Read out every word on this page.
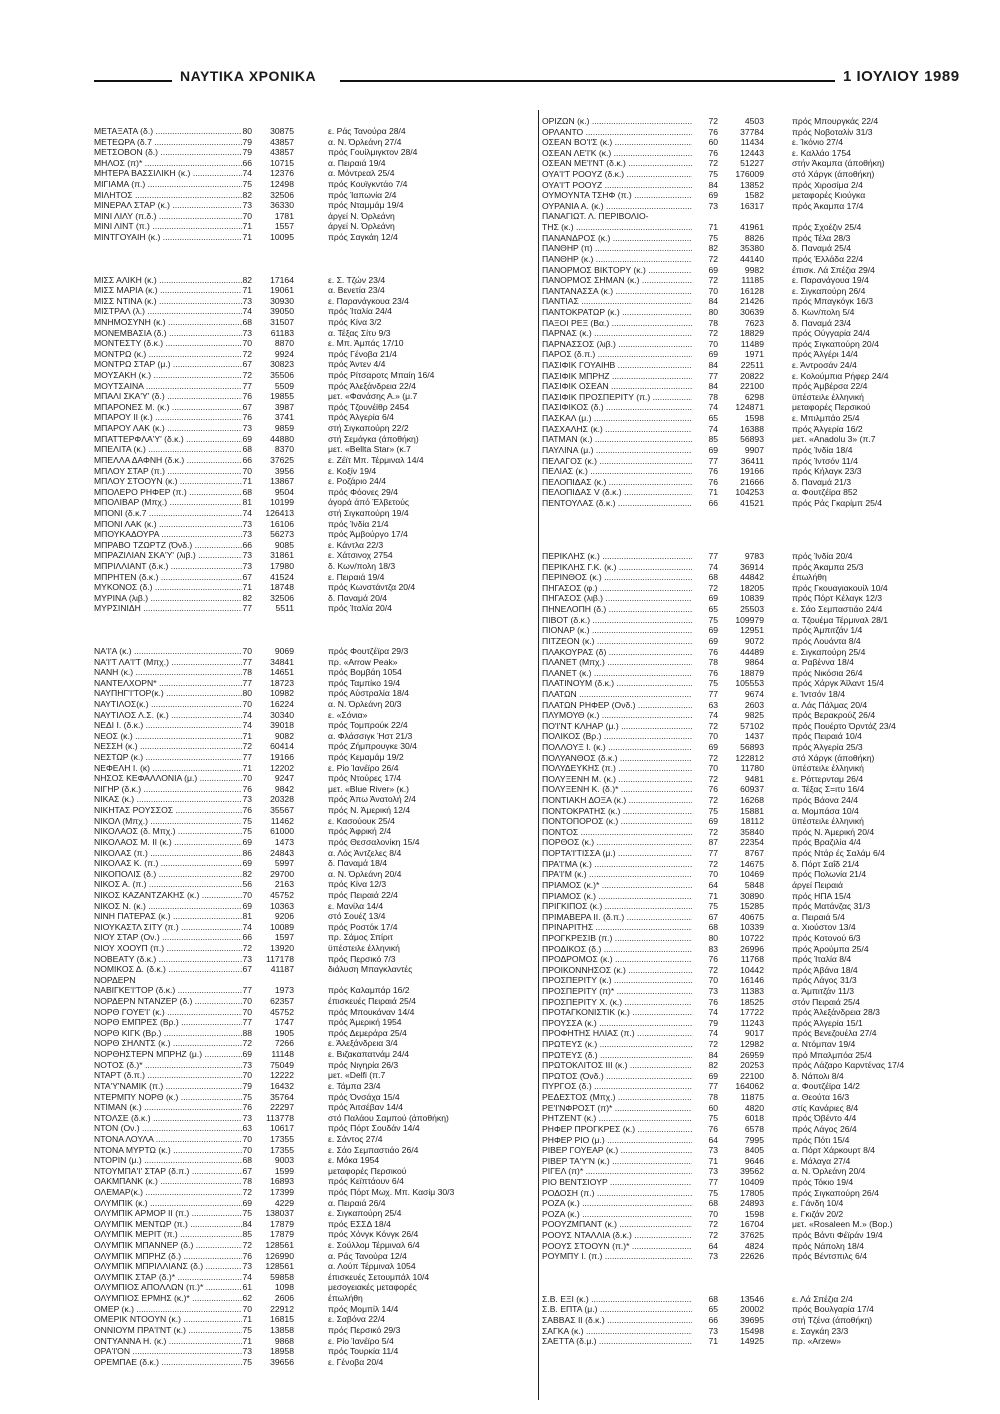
ΝΑΥΤΙΚΑ ΧΡΟΝΙΚΑ	1 ΙΟΥΛΙΟΥ 1989
ΜΕΤΑΞΑΤΑ (δ.) .....	80	30875	ε. Ράς Τανούρα 28/4
ΜΕΤΕΩΡΑ (δ.7 .....	79	43857	α. Ν. Όρλεάνη 27/4
ΜΕΤΣΟΒΟΝ (δ.) .....	79	43857	πρός Γουίλμιγκτον 28/4
ΜΗΛΟΣ (π)* .....	66	10715	α. Πειραιά 19/4
ΜΗΤΕΡΑ ΒΑΣΣΙΛΙΚΗ (κ.) .....	74	12376	α. Μόντρεαλ 25/4
ΜΙΓΙΑΜΑ (π.) .....	75	12498	πρός Κουϊγκντάο 7/4
ΜΙΛΗΤΟΣ .....	82	32506	πρός Ίαπωνία 2/4
ΜΙΝΕΡΑΛ ΣΤΑΡ (κ.) .....	73	36330	πρός Νταμμάμ 19/4
ΜΙΝΙ ΛΙΛΥ (π.δ.) .....	70	1781	άργεί Ν. Όρλεάνη
ΜΙΝΙ ΛΙΝΤ (π.) .....	71	1557	άργεί Ν. Όρλεάνη
ΜΙΝΤΓΟΥΑΙΗ (κ.) .....	71	10095	πρός Σαγκάη 12/4
ΜΙΣΣ ΑΛΙΚΗ (κ.) .....	82	17164	ε. Σ. Τζών 23/4
ΜΙΣΣ ΜΑΡΙΑ (κ.) .....	71	19061	α. Βενετία 23/4
ΜΙΣΣ ΝΤΙΝΑ (κ.) .....	73	30930	ε. Παρανάγκουα 23/4
ΜΙΣΤΡΑΛ (λ.) .....	74	39050	πρός Ίταλία 24/4
ΜΝΗΜΟΣΥΝΗ (κ.) .....	68	31507	πρός Κίνα 3/2
ΜΟΝΕΜΒΑΣΙΑ (δ.) .....	73	61183	α. Τέξας Σίτυ 9/3
ΜΟΝΤΕΣΤΥ (δ.κ.) .....	70	8870	ε. Μπ. Άμπάς 17/10
ΜΟΝΤΡΩ (κ.) .....	72	9924	πρός Γένοβα 21/4
ΜΟΝΤΡΩ ΣΤΑΡ (μ.) .....	67	30823	πρός Άντεν 4/4
ΜΟΥΣΑΚΗ (κ.) .....	72	35506	πρός Ρίτσαροτς Μπαίη 16/4
ΜΟΥΤΣΑΙΝΑ .....	77	5509	πρός Άλεξάνδρεια 22/4
ΜΠΑΛΙ ΣΚΑ'Υ' (δ.) .....	76	19855	μετ. «Φανάσης Α.» (μ.7
ΜΠΑΡΟΝΕΣ Μ. (κ.) .....	67	3987	πρός Τζουνέϊθρ 2454
ΜΠΑΡΟΥ ΙΙ (κ.) .....	76	3741	πρός Άλγερία 6/4
ΜΠΑΡΟΥ ΛΑΚ (κ.) .....	73	9859	στή Σιγκαπούρη 22/2
ΜΠΑΤΤΕΡΦΛΑ'Υ' (δ.κ.) .....	69	44880	στή Σεμάγκα (άποθήκη)
ΜΠΕΛΙΤΑ (κ.) .....	68	8370	μετ. «Bellta Star» (κ.7
ΜΠΕΛΛΑ ΔΑΦΝΗ (δ.κ.) .....	66	37625	ε. Ζέϊτ Μπ. Τέρμιναλ 14/4
ΜΠΛΟΥ ΣΤΑΡ (π.) .....	70	3956	ε. Κοξίν 19/4
ΜΠΛΟΥ ΣΤΟΟΥΝ (κ.) .....	71	13867	ε. Ροζάριο 24/4
ΜΠΟΛΕΡΟ ΡΗΦΕΡ (π.) .....	68	9504	πρός Φόονες 29/4
ΜΠΟΛΙΒΑΡ (Μπχ.) .....	81	10199	άγορά άπό Έλβετούς
ΜΠΟΝΙ (δ.κ.7 .....	74	126413	στή Σιγκαπούρη 19/4
ΜΠΟΝΙ ΛΑΚ (κ.) .....	73	16106	πρός Ίνδία 21/4
ΜΠΟΥΚΑΔΟΥΡΑ .....	73	56273	πρός Άμβούργο 17/4
ΜΠΡΑΒΟ ΤΖΩΡΤΖ (Όνδ.) .....	66	9085	ε. Κάντλα 22/3
ΜΠΡΑΖΙΛΙΑΝ ΣΚΑ'Υ' (λιβ.) .....	73	31861	ε. Χάτσινοχ 2754
ΜΠΡΙΛΛΙΑΝΤ (δ.κ.) .....	73	17980	δ. Κων/πολη 18/3
ΜΠΡΗΤΕΝ (δ.κ.) .....	67	41524	ε. Πειραιά 19/4
ΜΥΚΟΝΟΣ (δ.) .....	71	18748	πρός Κωνστάντζα 20/4
ΜΥΡΙΝΑ (λιβ.) .....	82	32506	δ. Παναμά 20/4
ΜΥΡΣΙΝΙΔΗ .....	77	5511	πρός Ίταλία 20/4
ΝΑ'Ι'Α (κ.) .....	70	9069	πρός Φουτζέϊρα 29/3
ΝΑ'Ι'Τ ΛΑ'Ι'Τ (Μπχ.) .....	77	34841	πρ. «Arrow Peak»
ΝΑΝΗ (κ.) .....	78	14651	πρός Βομβάη 1054
ΝΑΝΤΕΛΧΟΡΝ* .....	77	18723	πρός Ταμπίκο 19/4
ΝΑΥΠΗΓ'Ι'ΤΟΡ(κ.) .....	80	10982	πρός Αύστραλία 18/4
ΝΑΥΤΙΛΟΣ(κ.) .....	70	16224	α. Ν. Όρλεάνη 20/3
ΝΑΥΤΙΛΟΣ Λ.Σ. (κ.) .....	74	30340	ε. «Σόνια»
ΝΕΔΙ Ι. (δ.κ.) .....	74	39018	πρός Τομπρούκ 22/4
ΝΕΟΣ (κ.) .....	71	9082	α. Φλάσσιγκ Ήστ 21/3
ΝΕΣΣΗ (κ.) .....	72	60414	πρός Ζήμπρουγκε 30/4
ΝΕΣΤΩΡ (κ.) .....	77	19166	πρός Κεμαμάμ 19/2
ΝΕΦΕΛΗ Ι. (κ) .....	71	12202	ε. Ρίο Ίανέϊρο 26/4
ΝΗΣΟΣ ΚΕΦΑΛΛΟΝΙΑ (μ.) .....	70	9247	πρός Ντούρες 17/4
ΝΙΓΗΡ (δ.κ.) .....	76	9842	μετ. «Blue River» (κ.)
ΝΙΚΑΣ (κ.) .....	73	20328	πρός Άπω Άνατολή 2/4
ΝΙΚΗΤΑΣ ΡΟΥΣΣΟΣ .....	76	35567	πρός Ν. Άμερική 12/4
ΝΙΚΟΛ (Μπχ.) .....	75	11462	ε. Κασούουκ 25/4
ΝΙΚΟΛΑΟΣ (δ. Μπχ.) .....	75	61000	πρός Άφρική 2/4
ΝΙΚΟΛΑΟΣ Μ. ΙΙ (κ.) .....	69	1473	πρός Θεσσαλονίκη 15/4
ΝΙΚΟΛΑΣ (π.) .....	86	24843	α. Λός Άντζελες 8/4
ΝΙΚΟΛΑΣ Κ. (π.) .....	69	5997	δ. Παναμά 18/4
ΝΙΚΟΠΟΛΙΣ (δ.) .....	82	29700	α. Ν. Όρλεάνη 20/4
ΝΙΚΟΣ Α. (π.) .....	56	2163	πρός Κίνα 12/3
ΝΙΚΟΣ ΚΑΖΑΝΤΖΑΚΗΣ (κ.) .....	70	45752	πρός Πειραιά 22/4
ΝΙΚΟΣ Ν. (κ.) .....	69	10363	ε. Μανίλα 14/4
ΝΙΝΗ ΠΑΤΕΡΑΣ (κ.) .....	81	9206	στό Σουέζ 13/4
ΝΙΟΥΚΑΣΤΛ ΣΙΤΥ (π.) .....	74	10089	πρός Ροστόκ 17/4
ΝΙΟΥ ΣΤΑΡ (Ον.) .....	66	1597	πρ. Σάμος Σπίριτ
ΝΙΟΥ ΧΟΟΥΠ (π.) .....	72	13920	ϋπέστειλε έλληνική
ΝΟΒΕΑΤΥ (δ.κ.) .....	73	117178	πρός Περσικό 7/3
ΝΟΜΙΚΟΣ Δ. (δ.κ.) .....	67	41187	διάλυση Μπαγκλαντές
ΝΟΡΔΕΡΝ
ΝΑΒΙΓΚΕ'Ι'ΤΟΡ (δ.κ.) .....	77	1973	πρός Καλαμπάρ 16/2
ΝΟΡΔΕΡΝ ΝΤΑΝΖΕΡ (δ.) .....	70	62357	έπισκευές Πειραιά 25/4
ΝΟΡΘ ΓΟΥΕ'Ι' (κ.) .....	70	45752	πρός Μπουκάναν 14/4
ΝΟΡΘ ΕΜΠΡΕΣ (Βρ.) .....	77	1747	πρός Άμερική 1954
ΝΟΡΘ ΚΙΓΚ (Βρ.) .....	88	1905	πρός Δεμεράρα 25/4
ΝΟΡΘ ΣΗΛΝΤΣ (κ.) .....	72	7266	ε. Άλεξάνδρεια 3/4
ΝΟΡΘΗΣΤΕΡΝ ΜΠΡΗΖ (μ.) .....	69	11148	ε. Βιζακαπατνάμ 24/4
ΝΟΤΟΣ (δ.)* .....	73	75049	πρός Νιγηρία 26/3
ΝΤΑΡΤ (δ.π.) .....	70	12222	μετ. «Delfi (π.7
ΝΤΑ'Υ'ΝΑΜΙΚ (π.) .....	79	16432	ε. Τάμπα 23/4
ΝΤΕΡΜΠΥ ΝΟΡΘ (κ.) .....	75	35764	πρός Όνσάχα 15/4
ΝΤΙΜΑΝ (κ.) .....	76	22297	πρός Άιτσέβαν 14/4
ΝΤΟΛΣΕ (δ.κ.) .....	73	113778	στό Παλάου Σαμπού (άποθήκη)
ΝΤΟΝ (Ον.) .....	63	10617	πρός Πόρτ Σουδάν 14/4
ΝΤΟΝΑ ΛΟΥΛΑ .....	70	17355	ε. Σάντος 27/4
ΝΤΟΝΑ ΜΥΡΤΩ (κ.) .....	70	17355	ε. Σάο Σεμπαστιάο 26/4
ΝΤΟΡΙΝ (μ.) .....	68	9003	ε. Μόκα 1954
ΝΤΟΥΜΠΑ'Ι' ΣΤΑΡ (δ.π.) .....	67	1599	μεταφορές Περσικού
ΟΑΚΜΠΑΝΚ (κ.) .....	78	16893	πρός Κεϊπτάουν 6/4
ΟΛΕΜΑΡ(κ.) .....	72	17399	πρός Πόρτ Μωχ. Μπ. Κασίμ 30/3
ΟΛΥΜΠΙΚ (κ.) .....	69	4229	α. Πειραιά 26/4
ΟΛΥΜΠΙΚ ΑΡΜΟΡ ΙΙ (π.) .....	75	138037	ε. Σιγκαπούρη 25/4
ΟΛΥΜΠΙΚ ΜΕΝΤΩΡ (π.) .....	84	17879	πρός ΕΣΣΔ 18/4
ΟΛΥΜΠΙΚ ΜΕΡΙΤ (π.) .....	85	17879	πρός Χόνγκ Κόνγκ 26/4
ΟΛΥΜΠΙΚ ΜΠΑΝΝΕΡ (δ.) .....	72	128561	ε. Σούλλομ Τέρμιναλ 6/4
ΟΛΥΜΠΙΚ ΜΠΡΗΖ (δ.) .....	76	126990	α. Ράς Τανούρα 12/4
ΟΛΥΜΠΙΚ ΜΠΡΙΛΛΙΑΝΣ (δ.) .....	73	128561	α. Λούπ Τέρμιναλ 1054
ΟΛΥΜΠΙΚ ΣΤΑΡ (δ.)* .....	74	59858	έπισκευές Σετουμπάλ 10/4
ΟΛΥΜΠΙΟΣ ΑΠΟΛΛΩΝ (π.)* .....	61	1098	μεσογειακές μεταφορές
ΟΛΥΜΠΙΟΣ ΕΡΜΗΣ (κ.)* .....	62	2606	έπωλήθη
ΟΜΕΡ (κ.) .....	70	22912	πρός Μομπίλ 14/4
ΟΜΕΡΙΚ ΝΤΟΟΥΝ (κ.) .....	71	16815	ε. Σαβόνα 22/4
ΟΝΝΙΟΥΜ ΠΡΑ'Ι'ΝΤ (κ.) .....	75	13858	πρός Περσικό 29/3
ΟΝΤΥΑΝΝΑ Η. (κ.) .....	71	9868	ε. Ρίο Ίανέϊρο 5/4
ΟΡΑ'Ι'ΟΝ .....	73	18958	πρός Τουρκία 11/4
ΟΡΕΜΠΑΕ (δ.κ.) .....	75	39656	ε. Γένοβα 20/4
ΟΡΙΖΩΝ (κ.) .....	72	4503	πρός Μπουργκάς 22/4
ΟΡΛΑΝΤΟ .....	76	37784	πρός Νοβοταλίν 31/3
ΟΣΕΑΝ ΒΟ'Ι'Σ (κ.) .....	60	11434	ε. Ίκόνιο 27/4
ΟΣΕΑΝ ΛΕ'Ι'Κ (κ.) .....	76	12443	ε. Καλλάο 1754
ΟΣΕΑΝ ΜΕ'Ι'ΝΤ (δ.κ.) .....	72	51227	στήν Άκαμπα (άποθήκη)
ΟΥΑ'Ι'Τ ΡΟΟΥΖ (δ.κ.) .....	75	176009	στό Χάργκ (άποθήκη)
ΟΥΑ'Ι'Τ ΡΟΟΥΖ .....	84	13852	πρός Χιροσίμα 2/4
ΟΥΜΟΥΝΤΑ ΤΣΗΦ (π.) .....	69	1582	μεταφορές Κιούγκα
ΟΥΡΑΝΙΑ Α. (κ.) .....	73	16317	πρός Άκαμπα 17/4
ΠΑΝΑΓΙΩΤ. Λ. ΠΕΡΙΒΟΛΙΟ-
ΤΗΣ (κ.) .....	71	41961	πρός Σχοέζιν 25/4
ΠΑΝΑΝΔΡΟΣ (κ.) .....	75	8826	πρός Τέλα 28/3
ΠΑΝΘΗΡ (π) .....	82	35380	δ. Παναμά 25/4
ΠΑΝΘΗΡ (κ.) .....	72	44140	πρός Έλλάδα 22/4
ΠΑΝΟΡΜΟΣ ΒΙΚΤΟΡΥ (κ.) .....	69	9982	έπισκ. Λά Σπέζια 29/4
ΠΑΝΟΡΜΟΣ ΣΗΜΑΝ (κ.) .....	72	11185	ε. Παρανάγουα 19/4
ΠΑΝΤΑΝΑΣΣΑ (κ.) .....	70	16128	ε. Σιγκαπούρη 26/4
ΠΑΝΤΙΑΣ .....	84	21426	πρός Μπαγκόγκ 16/3
ΠΑΝΤΟΚΡΑΤΩΡ (κ.) .....	80	30639	δ. Κων/πολη 5/4
ΠΑΞΟΙ ΡΕΞ (Βα.) .....	78	7623	δ. Παναμά 23/4
ΠΑΡΝΑΣ (κ.) .....	72	18829	πρός Ούγγαρία 24/4
ΠΑΡΝΑΣΣΟΣ (λιβ.) .....	70	11489	πρός Σιγκαπούρη 20/4
ΠΑΡΟΣ (δ.π.) .....	69	1971	πρός Άλγέρι 14/4
ΠΑΣΙΦΙΚ ΓΟΥΑΙΗΒ .....	84	22511	ε. Άντροσάν 24/4
ΠΑΣΙΦΙΚ ΜΠΡΗΖ .....	77	20822	ε. Κολούμπια Ρήφερ 24/4
ΠΑΣΙΦΙΚ ΟΣΕΑΝ .....	84	22100	πρός Άμβέρσα 22/4
ΠΑΣΙΦΙΚ ΠΡΟΣΠΕΡΙΤΥ (π.) .....	78	6298	ϋπέστειλε έλληνική
ΠΑΣΙΦΙΚΟΣ (δ.) .....	74	124871	μεταφορές Περσικού
ΠΑΣΚΑΛ (μ.) .....	65	1598	ε. Μπιλμπάο 25/4
ΠΑΣΧΑΛΗΣ (κ.) .....	74	16388	πρός Άλγερία 16/2
ΠΑΤΜΑΝ (κ.) .....	85	56893	μετ. «Anadolu 3» (π.7
ΠΑΥΛΙΝΑ (μ.) .....	69	9907	πρός Ίνδία 18/4
ΠΕΛΑΓΟΣ (κ.) .....	77	36411	πρός Ίντσόν 11/4
ΠΕΛΙΑΣ (κ.) .....	76	19166	πρός Κήλαγκ 23/3
ΠΕΛΟΠΙΔΑΣ (κ.) .....	76	21666	δ. Παναμά 21/3
ΠΕΛΟΠΙΔΑΣ V (δ.κ.) .....	71	104253	α. Φουτζέϊρα 852
ΠΕΝΤΟΥΛΑΣ (δ.κ.) .....	66	41521	πρός Ράς Γκαρίμπ 25/4
ΠΕΡΙΚΛΗΣ (κ.) .....	77	9783	πρός Ίνδία 20/4
ΠΕΡΙΚΛΗΣ Γ.Κ. (κ.) .....	74	36914	πρός Άκαμπα 25/3
ΠΕΡΙΝΘΟΣ (κ.) .....	68	44842	έπωλήθη
ΠΗΓΑΣΟΣ (φ.) .....	72	18205	πρός Γκουαγιακουίλ 10/4
ΠΗΓΑΣΟΣ (λιβ.) .....	69	10839	πρός Πόρτ Κέλαγκ 12/3
ΠΗΝΕΛΟΠΗ (δ.) .....	65	25503	ε. Σάο Σεμπαστιάο 24/4
ΠΙΒΟΤ (δ.κ.) .....	75	109979	α. Τζουέμα Τέρμιναλ 28/1
ΠΙΟΝΑΡ (κ.) .....	69	12951	πρός Άμπιτζάν 1/4
ΠΙΤΖΕΟΝ (κ.) .....	69	9072	πρός Λουάντα 8/4
ΠΛΑΚΟΥΡΑΣ (δ) .....	76	44489	ε. Σιγκαπούρη 25/4
ΠΛΑΝΕΤ (Μπχ.) .....	78	9864	α. Ραβέννα 18/4
ΠΛΑΝΕΤ (κ.) .....	76	18879	πρός Νικόσια 26/4
ΠΛΑΤΙΝΟΥΜ (δ.κ.) .....	75	105553	πρός Χάργκ Άϊλαντ 15/4
ΠΛΑΤΩΝ .....	77	9674	ε. Ίντσόν 18/4
ΠΛΑΤΩΝ ΡΗΦΕΡ (Ονδ.) .....	63	2603	α. Λάς Πάλμας 20/4
ΠΛΥΜΟΥΘ (κ.) .....	74	9825	πρός Βερακρούζ 26/4
ΠΟ'Ι'ΝΤ ΚΛΗΑΡ (μ.) .....	72	57102	πρός Πουέρτο Όρντάζ 23/4
ΠΟΛΙΚΟΣ (Βρ.) .....	70	1437	πρός Πειραιά 10/4
ΠΟΛΛΟΥΞ Ι. (κ.) .....	69	56893	πρός Άλγερία 25/3
ΠΟΛΥΑΝΘΟΣ (δ.κ.) .....	72	122812	στό Χάργκ (άποθήκη)
ΠΟΛΥΔΕΥΚΗΣ (π.) .....	70	11780	ϋπέστειλε έλληνική
ΠΟΛΥΞΕΝΗ Μ. (κ.) .....	72	9481	ε. Ρόττερνταμ 26/4
ΠΟΛΥΞΕΝΗ Κ. (δ.)* .....	76	60937	α. Τέξας Σ=ιτυ 16/4
ΠΟΝΤΙΑΚΗ ΔΟΞΑ (κ.) .....	72	16268	πρός Βάονα 24/4
ΠΟΝΤΟΚΡΑΤΗΣ (κ.) .....	75	15881	α. Μομπάσα 10/4
ΠΟΝΤΟΠΟΡΟΣ (κ.) .....	69	18112	ϋπέστειλε έλληνική
ΠΟΝΤΟΣ .....	72	35840	πρός Ν. Άμερική 20/4
ΠΟΡΘΟΣ (κ.) .....	87	22354	πρός Βραζιλία 4/4
ΠΟΡΤΑ'Ι'ΤΙΣΣΑ (μ.) .....	77	8767	πρός Ντάρ ές Σαλάμ 6/4
ΠΡΑ'Ι'ΜΑ (κ.) .....	72	14675	δ. Πόρτ Σαΐδ 21/4
ΠΡΑ'Ι'Μ (κ.) .....	70	10469	πρός Πολωνία 21/4
ΠΡΙΑΜΟΣ (κ.)* .....	64	5848	άργεί Πειραιά
ΠΡΙΑΜΟΣ (κ.) .....	71	30890	πρός ΗΠΑ 15/4
ΠΡΙΓΚΙΠΟΣ (κ.) .....	75	15285	πρός Ματάνζας 31/3
ΠΡΙΜΑΒΕΡΑ ΙΙ. (δ.π.) .....	67	40675	α. Πειραιά 5/4
ΠΡΙΝΑΡΙΤΗΣ .....	68	10339	α. Χιούστον 13/4
ΠΡΟΓΚΡΕΣΙΒ (π.) .....	80	10722	πρός Κοτονού 6/3
ΠΡΟΔΙΚΟΣ (δ.) .....	83	26996	πρός Άρούμπα 25/4
ΠΡΟΔΡΟΜΟΣ (κ.) .....	76	11768	πρός Ίταλία 8/4
ΠΡΟΙΚΟΝΝΗΣΟΣ (κ.) .....	72	10442	πρός Άβάνα 18/4
ΠΡΟΣΠΕΡΙΤΥ (κ.) .....	70	16146	πρός Λάγος 31/3
ΠΡΟΣΠΕΡΙΤΥ (π)* .....	73	11383	α. Άμπιτζάν 11/3
ΠΡΟΣΠΕΡΙΤΥ Χ. (κ.) .....	76	18525	στόν Πειραιά 25/4
ΠΡΟΤΑΓΚΟΝΙΣΤΙΚ (κ.) .....	74	17722	πρός Άλεξάνδρεια 28/3
ΠΡΟΥΣΣΑ (κ.) .....	79	11243	πρός Άλγερία 15/1
ΠΡΟΦΗΤΗΣ ΗΛΙΑΣ (π.) .....	74	9017	πρός Βενεζουέλα 27/4
ΠΡΩΤΕΥΣ (κ.) .....	72	12982	α. Ντόμπαν 19/4
ΠΡΩΤΕΥΣ (δ.) .....	84	26959	πρό Μπαλμπόα 25/4
ΠΡΩΤΟΚΛΙΤΟΣ ΙΙΙ (κ.) .....	82	20253	πρός Λάζαρο Καρντένας 17/4
ΠΡΩΤΟΣ (Όνδ.) .....	69	22100	δ. Νάπολι 8/4
ΠΥΡΓΟΣ (δ.) .....	77	164062	α. Φουτζέϊρα 14/2
ΡΕΔΕΣΤΟΣ (Μπχ.) .....	78	11875	α. Θεούτα 16/3
ΡΕ'Ι'ΝΦΡΟΣΤ (π)* .....	60	4820	στίς Κανάριες 8/4
ΡΗΤΖΕΝΤ (κ.) .....	75	6018	πρός Όβέντο 4/4
ΡΗΦΕΡ ΠΡΟΓΚΡΕΣ (κ.) .....	76	6578	πρός Λάγος 26/4
ΡΗΦΕΡ ΡΙΟ (μ.) .....	64	7995	πρός Πότι 15/4
ΡΙΒΕΡ ΓΟΥΕΑΡ (κ.) .....	73	8405	α. Πόρτ Χάρκουρτ 8/4
ΡΙΒΕΡ ΤΑ'Υ'Ν (κ.) .....	71	9646	ε. Μάλαγα 27/4
ΡΙΓΕΛ (π)* .....	73	39562	α. Ν. Όρλεάνη 20/4
ΡΙΟ ΒΕΝΤΣΙΟΥΡ .....	77	10409	πρός Τόκιο 19/4
ΡΟΔΟΣΗ (π.) .....	75	17805	πρός Σιγκαπούρη 26/4
ΡΟΖΑ (κ.) .....	68	24893	ε. Γάνδη 10/4
ΡΟΖΑ (κ.) .....	70	1598	ε. Γκιζάν 20/2
ΡΟΟΥΖΜΠΑΝΤ (κ.) .....	72	16704	μετ. «Rosaleen M.» (Βορ.)
ΡΟΟΥΣ ΝΤΑΛΛΙΑ (δ.κ.) .....	72	37625	πρός Βάντι Φέϊράν 19/4
ΡΟΟΥΣ ΣΤΟΟΥΝ (π.)* .....	64	4824	πρός Νάπολη 18/4
ΡΟΥΜΠΥ Ι. (π.) .....	73	22626	πρός Βέντσπιλς 6/4
Σ.Β. ΕΞΙ (κ.) .....	68	13546	ε. Λά Σπέζια 2/4
Σ.Β. ΕΠΤΑ (μ.) .....	65	20002	πρός Βουλγαρία 17/4
ΣΑΒΒΑΣ ΙΙ (δ.κ.) .....	66	39695	στή Τζένα (άποθήκη)
ΣΑΓΚΑ (κ.) .....	73	15498	ε. Σαγκάη 23/3
ΣΑΕΤΤΑ (δ.μ.) .....	71	14925	πρ. «Arzew»
